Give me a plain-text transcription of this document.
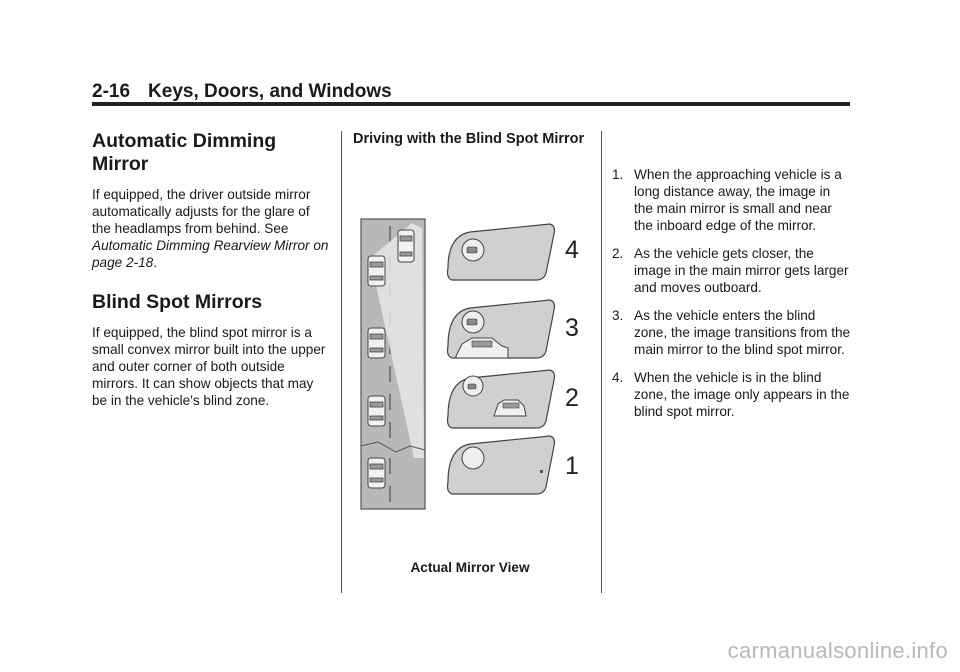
2-16 Keys, Doors, and Windows
Automatic Dimming Mirror

If equipped, the driver outside mirror automatically adjusts for the glare of the headlamps from behind. See Automatic Dimming Rearview Mirror on page 2-18.

Blind Spot Mirrors

If equipped, the blind spot mirror is a small convex mirror built into the upper and outer corner of both outside mirrors. It can show objects that may be in the vehicle's blind zone.

Driving with the Blind Spot Mirror
4
3
2
1
Actual Mirror View
1. When the approaching vehicle is a long distance away, the image in the main mirror is small and near the inboard edge of the mirror.
2. As the vehicle gets closer, the image in the main mirror gets larger and moves outboard.
3. As the vehicle enters the blind zone, the image transitions from the main mirror to the blind spot mirror.
4. When the vehicle is in the blind zone, the image only appears in the blind spot mirror.
carmanualsonline.info
